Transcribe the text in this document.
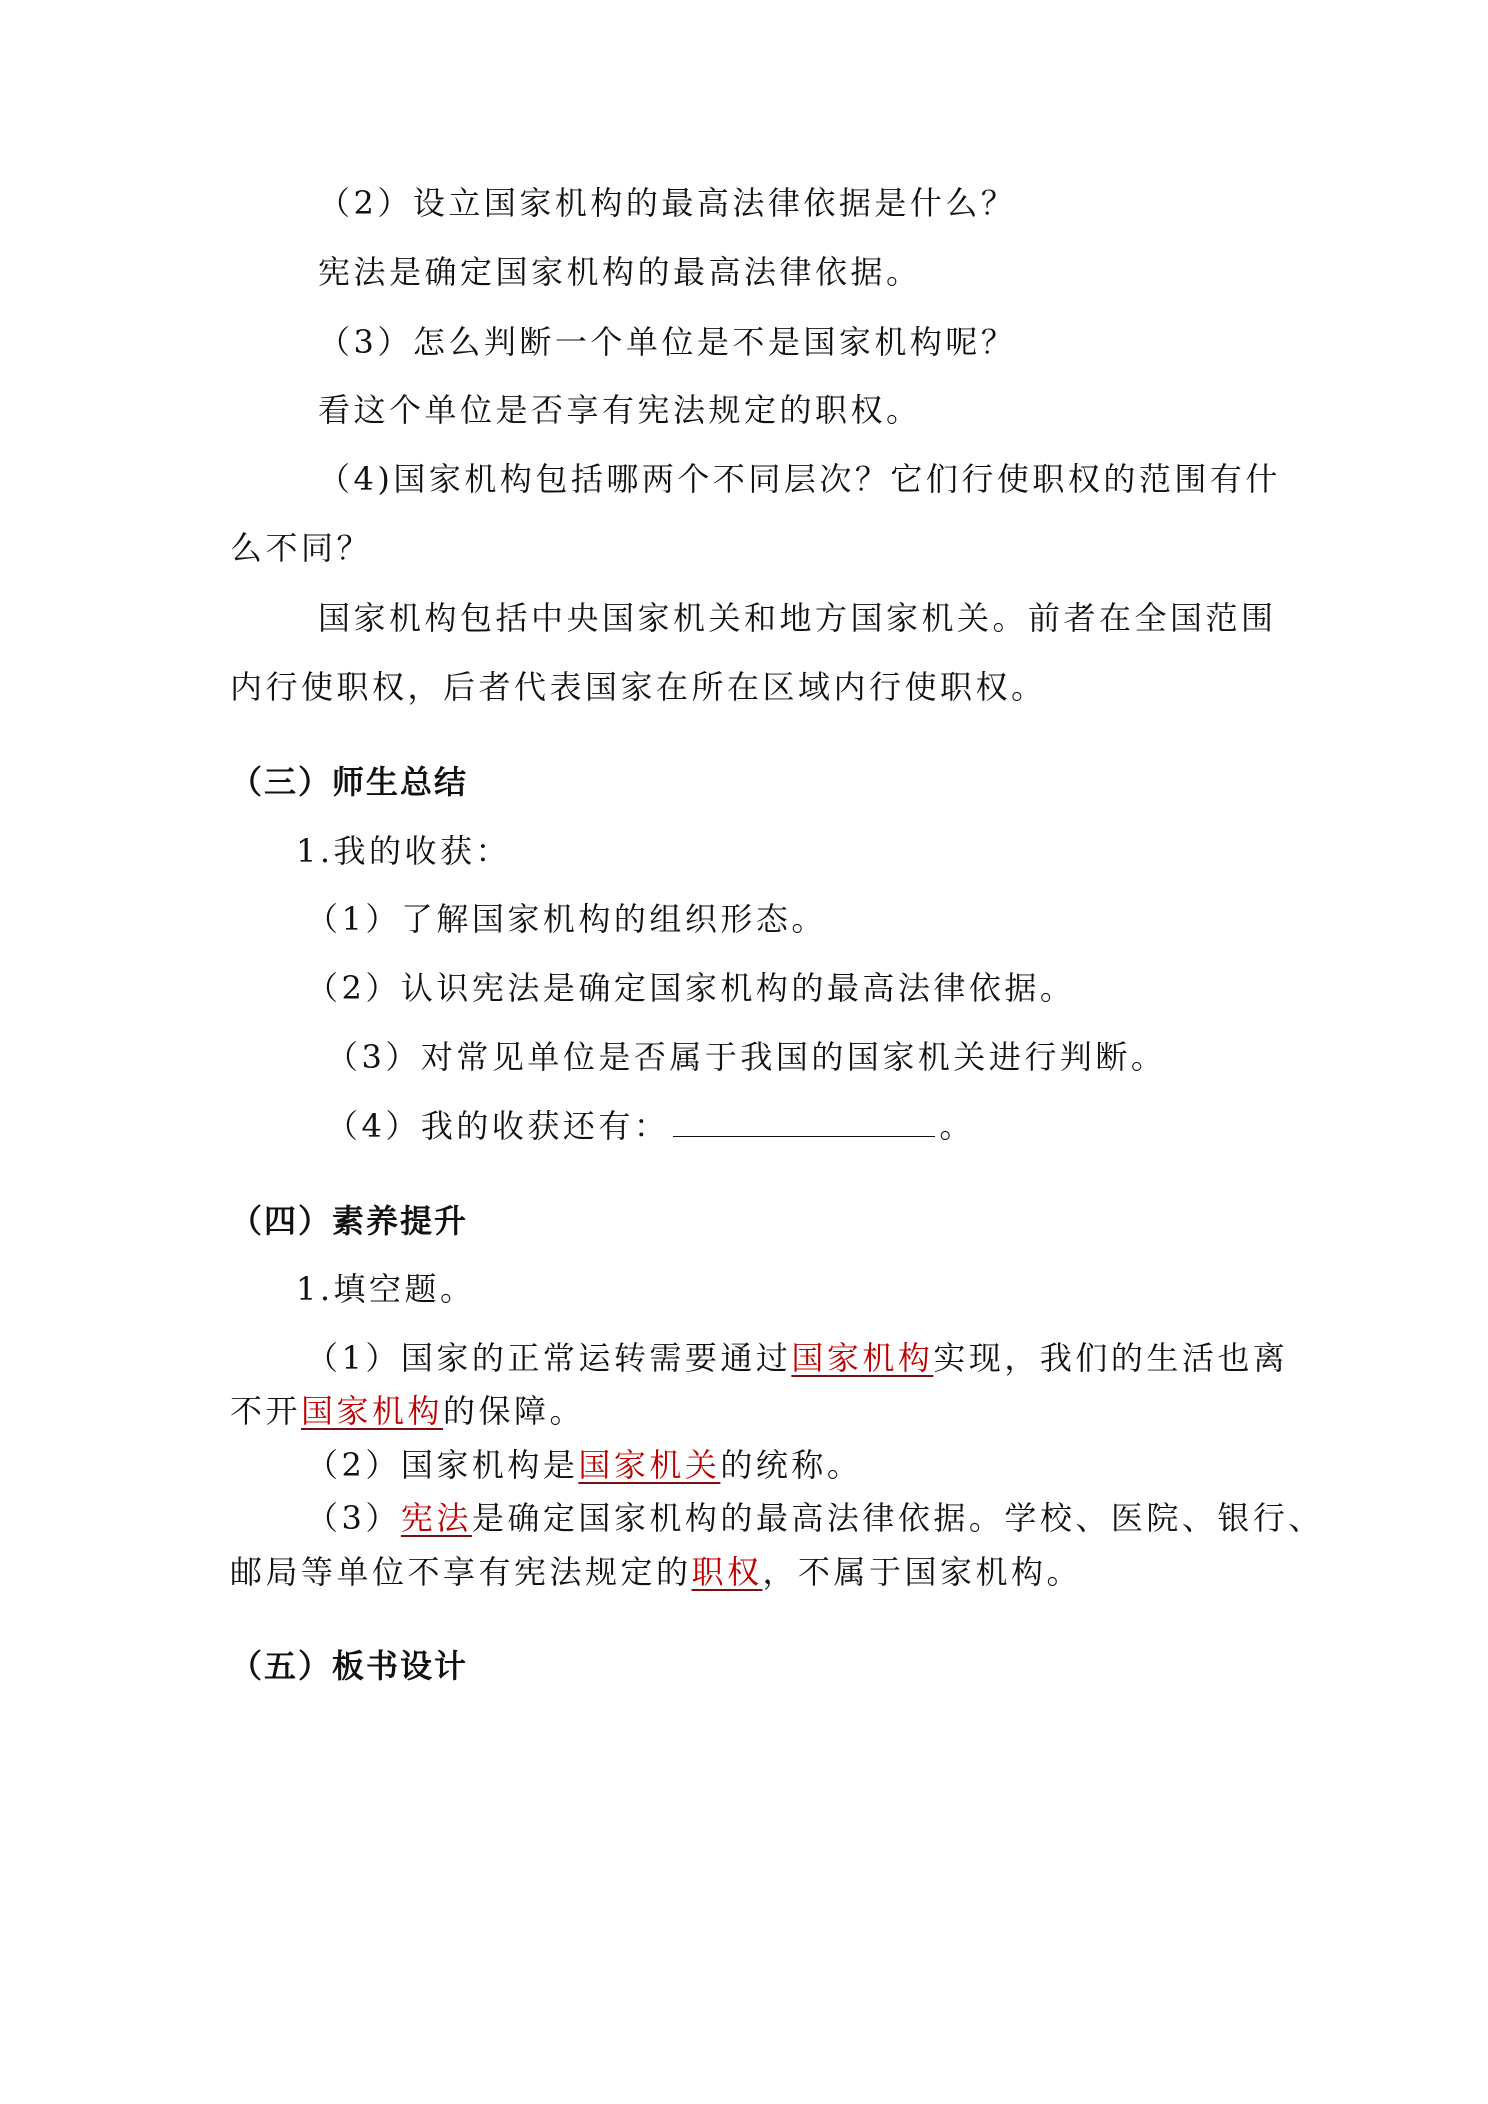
（2）设立国家机构的最高法律依据是什么？
宪法是确定国家机构的最高法律依据。
（3）怎么判断一个单位是不是国家机构呢？
看这个单位是否享有宪法规定的职权。
（4)国家机构包括哪两个不同层次？它们行使职权的范围有什
么不同？
国家机构包括中央国家机关和地方国家机关。前者在全国范围
内行使职权，后者代表国家在所在区域内行使职权。
（三）师生总结
1.我的收获：
（1）了解国家机构的组织形态。
（2）认识宪法是确定国家机构的最高法律依据。
（3）对常见单位是否属于我国的国家机关进行判断。
（4）我的收获还有：	。
（四）素养提升
1.填空题。
（1）国家的正常运转需要通过国家机构实现，我们的生活也离
不开国家机构的保障。
（2）国家机构是国家机关的统称。
（3）宪法是确定国家机构的最高法律依据。学校、医院、银行、
邮局等单位不享有宪法规定的职权，不属于国家机构。
（五）板书设计
